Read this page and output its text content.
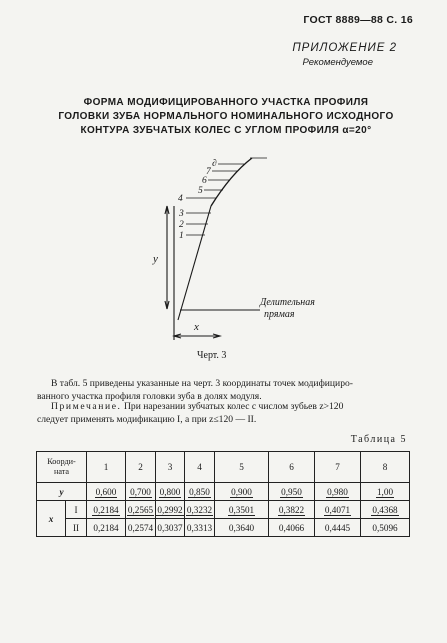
ГОСТ 8889—88 С. 16
ПРИЛОЖЕНИЕ 2
Рекомендуемое
ФОРМА МОДИФИЦИРОВАННОГО УЧАСТКА ПРОФИЛЯ
ГОЛОВКИ ЗУБА НОРМАЛЬНОГО НОМИНАЛЬНОГО ИСХОДНОГО
КОНТУРА ЗУБЧАТЫХ КОЛЕС С УГЛОМ ПРОФИЛЯ α=20°
1
2
3
4
5
6
7
∂
y
x
Делительная
прямая
Черт. 3
В табл. 5 приведены указанные на черт. 3 координаты точек модифициро-
ванного участка профиля головки зуба в долях модуля.
Примечание. При нарезании зубчатых колес с числом зубьев z>120
следует применять модификацию I, а при z≤120 — II.
Таблица 5
Коорди-
ната		1	2	3	4	5	6	7	8
y		0,600	0,700	0,800	0,850	0,900	0,950	0,980	1,00
x	I	0,2184	0,2565	0,2992	0,3232	0,3501	0,3822	0,4071	0,4368
	II	0,2184	0,2574	0,3037	0,3313	0,3640	0,4066	0,4445	0,5096
